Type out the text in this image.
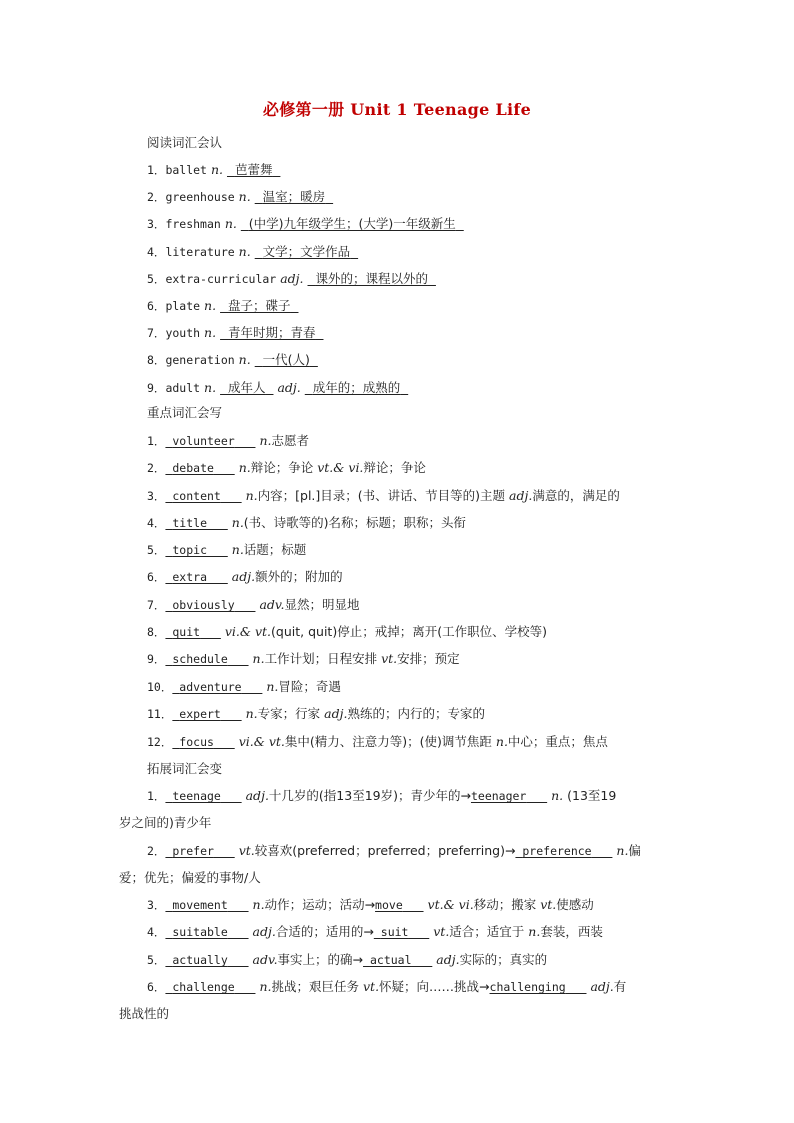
必修第一册 Unit 1 Teenage Life
阅读词汇会认
1．ballet n. 芭蕾舞
2．greenhouse n. 温室；暖房
3．freshman n. (中学)九年级学生；(大学)一年级新生
4．literature n. 文学；文学作品
5．extra-curricular adj. 课外的；课程以外的
6．plate n. 盘子；碟子
7．youth n. 青年时期；青春
8．generation n. 一代(人)
9．adult n. 成年人 adj. 成年的；成熟的
重点词汇会写
1． volunteer n.志愿者
2． debate n.辩论；争论 vt.& vi.辩论；争论
3． content n.内容；[pl.]目录；(书、讲话、节目等的)主题 adj.满意的，满足的
4． title n.(书、诗歌等的)名称；标题；职称；头衔
5． topic n.话题；标题
6． extra adj.额外的；附加的
7． obviously adv.显然；明显地
8． quit vi.& vt.(quit, quit)停止；戒掉；离开(工作职位、学校等)
9． schedule n.工作计划；日程安排 vt.安排；预定
10． adventure n.冒险；奇遇
11． expert n.专家；行家 adj.熟练的；内行的；专家的
12． focus vi.& vt.集中(精力、注意力等)；(使)调节焦距 n.中心；重点；焦点
拓展词汇会变
1． teenage adj.十几岁的(指13至19岁)；青少年的→teenager n. (13至19
岁之间的)青少年
2． prefer vt.较喜欢(preferred；preferred；preferring)→ preference n.偏
爱；优先；偏爱的事物/人
3． movement n.动作；运动；活动→move vt.& vi.移动；搬家 vt.使感动
4． suitable adj.合适的；适用的→ suit vt.适合；适宜于 n.套装，西装
5． actually adv.事实上；的确→ actual adj.实际的；真实的
6． challenge n.挑战；艰巨任务 vt.怀疑；向……挑战→challenging adj.有
挑战性的
